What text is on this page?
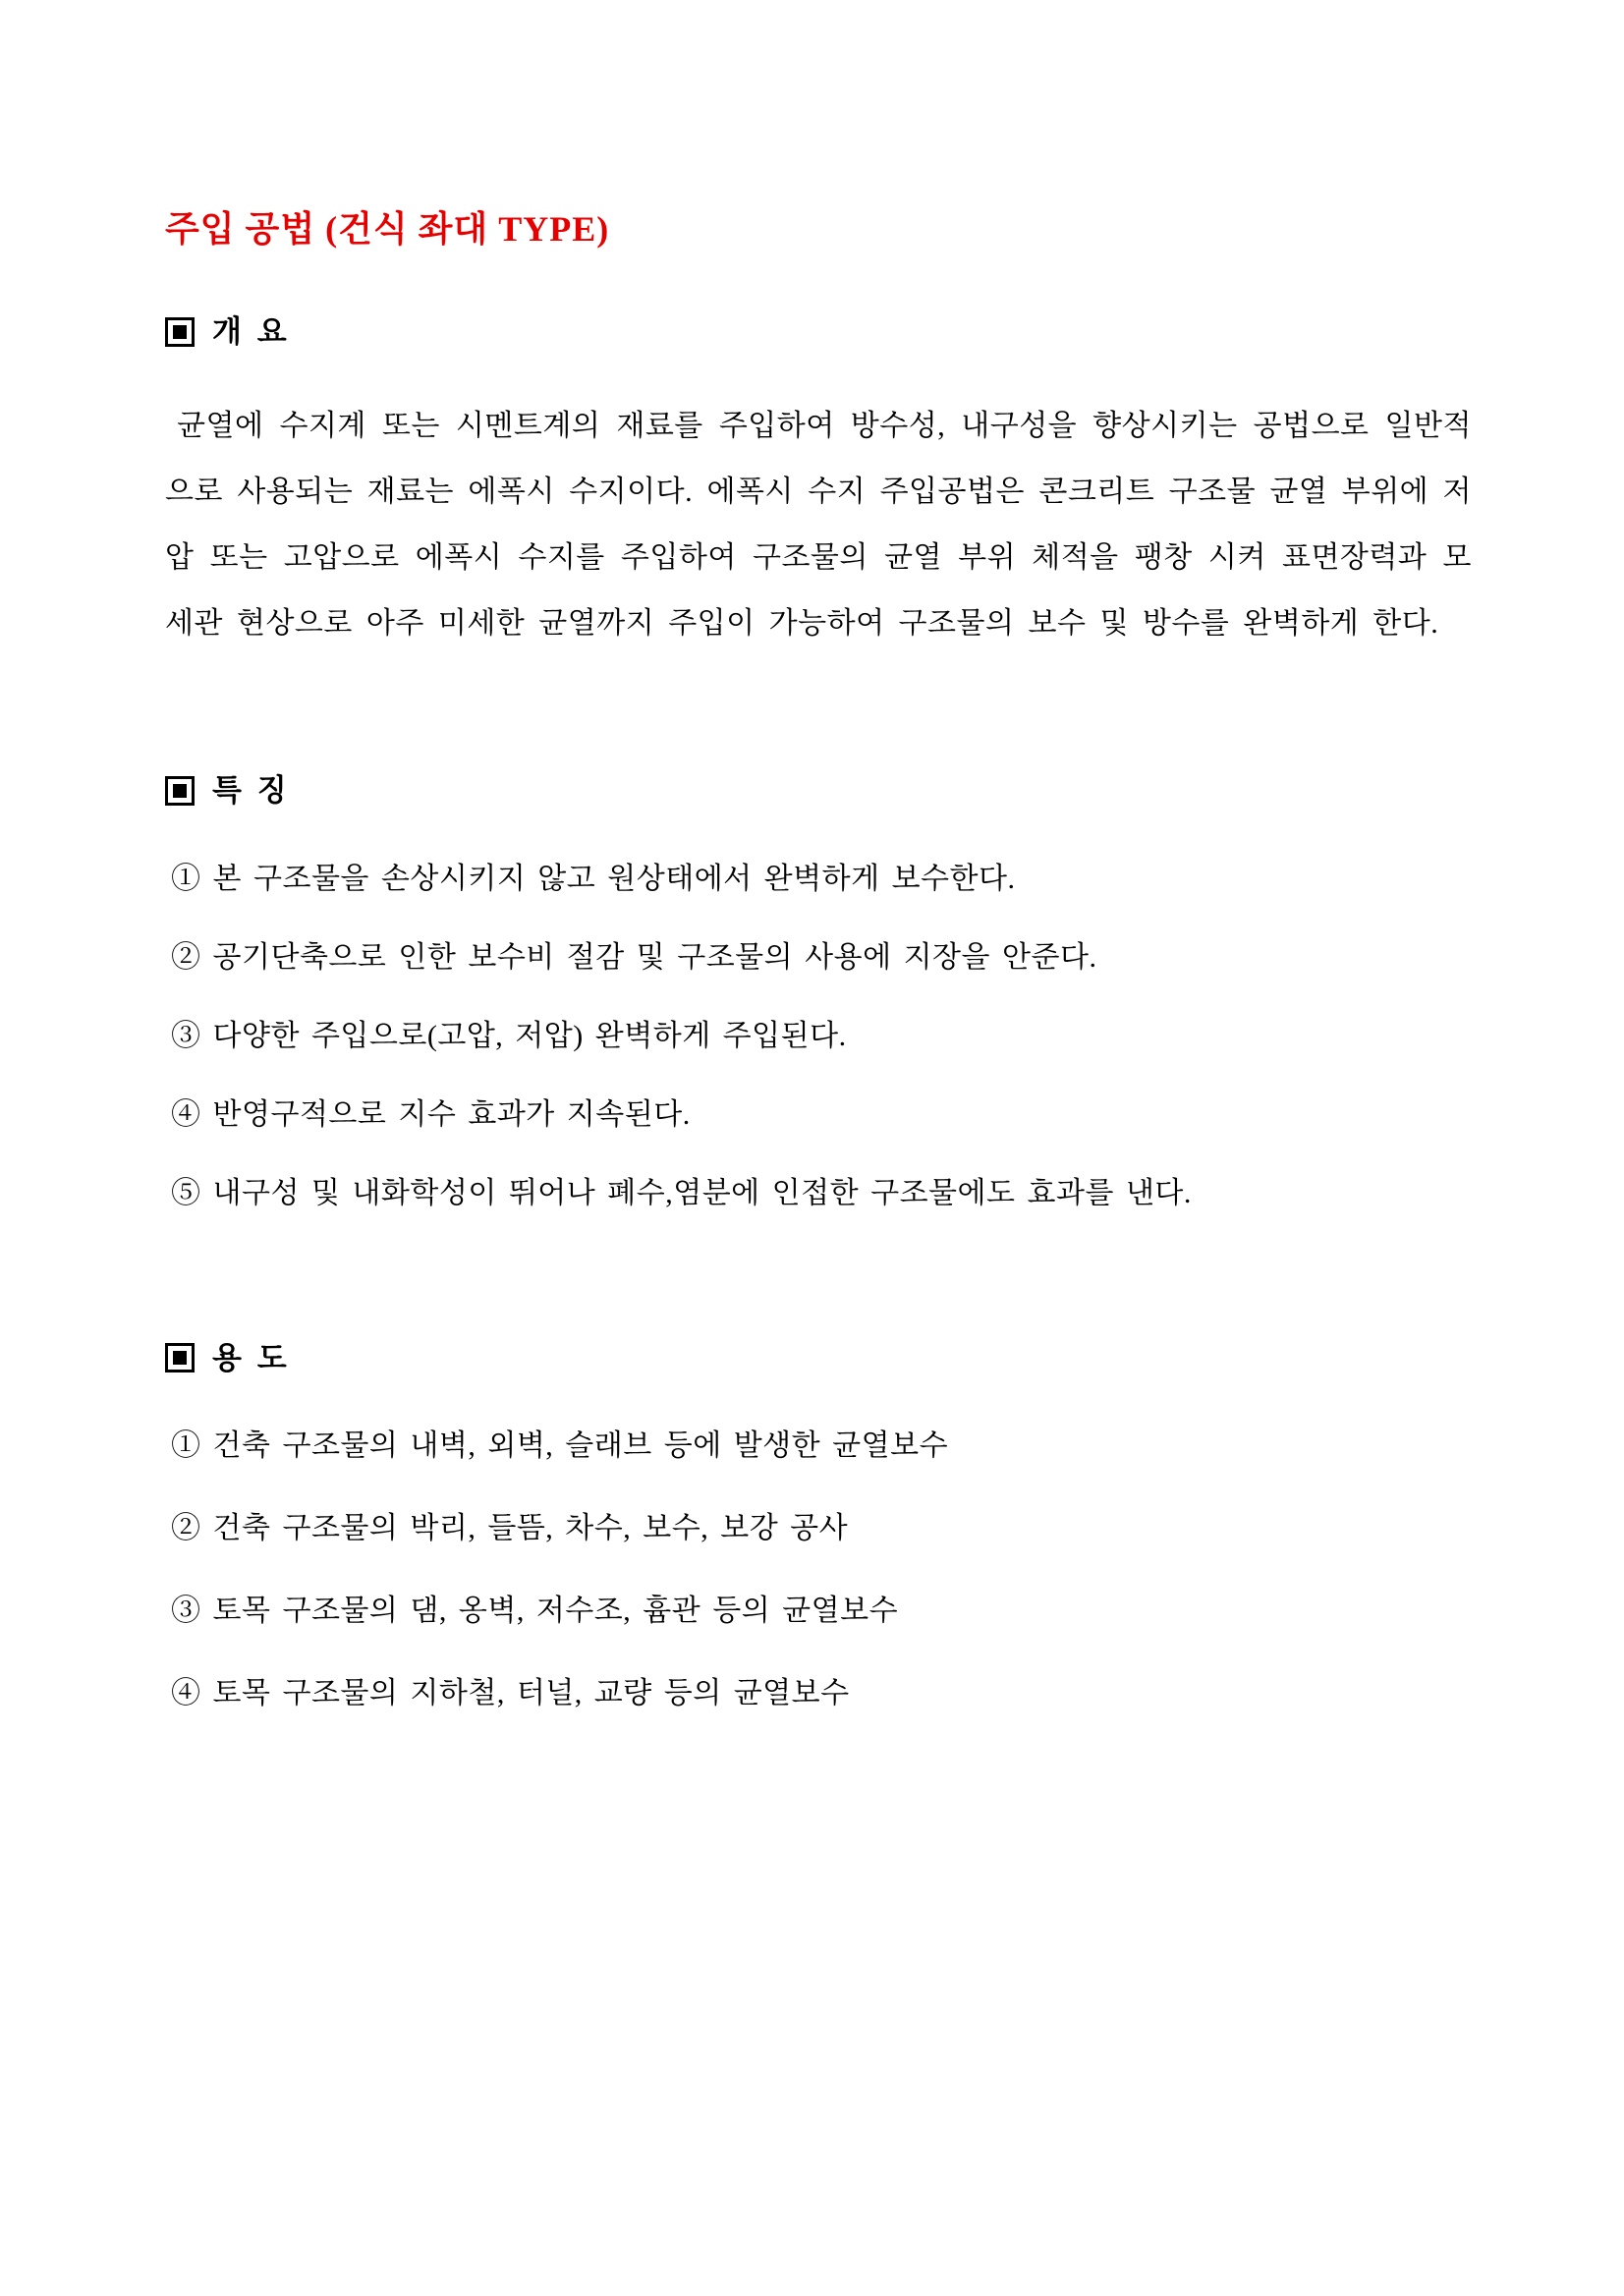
주입 공법 (건식 좌대 TYPE)
개 요

균열에 수지계 또는 시멘트계의 재료를 주입하여 방수성, 내구성을 향상시키는 공법으로 일반적으로 사용되는 재료는 에폭시 수지이다. 에폭시 수지 주입공법은 콘크리트 구조물 균열 부위에 저압 또는 고압으로 에폭시 수지를 주입하여 구조물의 균열 부위 체적을 팽창 시켜 표면장력과 모세관 현상으로 아주 미세한 균열까지 주입이 가능하여 구조물의 보수 및 방수를 완벽하게 한다.

특 징
① 본 구조물을 손상시키지 않고 원상태에서 완벽하게 보수한다.
② 공기단축으로 인한 보수비 절감 및 구조물의 사용에 지장을 안준다.
③ 다양한 주입으로(고압, 저압) 완벽하게 주입된다.
④ 반영구적으로 지수 효과가 지속된다.
⑤ 내구성 및 내화학성이 뛰어나 폐수,염분에 인접한 구조물에도 효과를 낸다.
용 도
① 건축 구조물의 내벽, 외벽, 슬래브 등에 발생한 균열보수
② 건축 구조물의 박리, 들뜸, 차수, 보수, 보강 공사
③ 토목 구조물의 댐, 옹벽, 저수조, 흄관 등의 균열보수
④ 토목 구조물의 지하철, 터널, 교량 등의 균열보수
